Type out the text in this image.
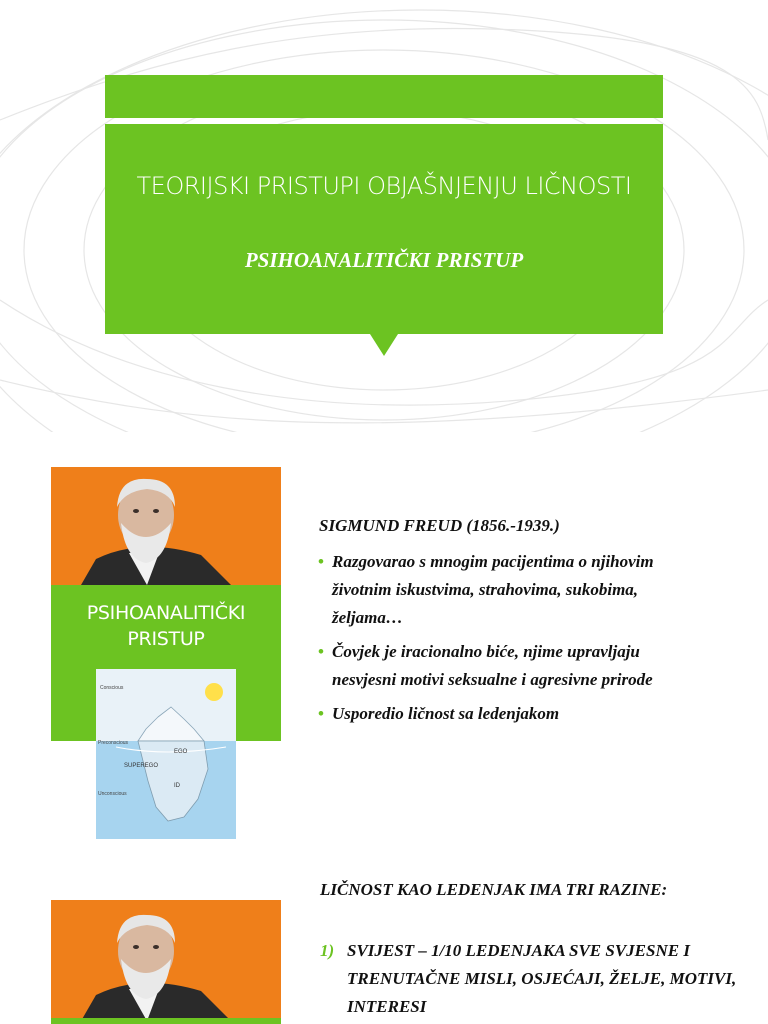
TEORIJSKI PRISTUPI OBJAŠNJENJU LIČNOSTI
PSIHOANALITIČKI PRISTUP
PSIHOANALITIČKI PRISTUP
Conscious
Preconscious
EGO
SUPEREGO
ID
Unconscious
SIGMUND FREUD (1856.-1939.)
• Razgovarao s mnogim pacijentima o njihovim životnim iskustvima, strahovima, sukobima, željama…
• Čovjek je iracionalno biće, njime upravljaju nesvjesni motivi seksualne i agresivne prirode
• Usporedio ličnost sa ledenjakom
LIČNOST KAO LEDENJAK IMA TRI RAZINE:
1) SVIJEST – 1/10 LEDENJAKA SVE SVJESNE I TRENUTAČNE MISLI, OSJEĆAJI, ŽELJE, MOTIVI, INTERESI
